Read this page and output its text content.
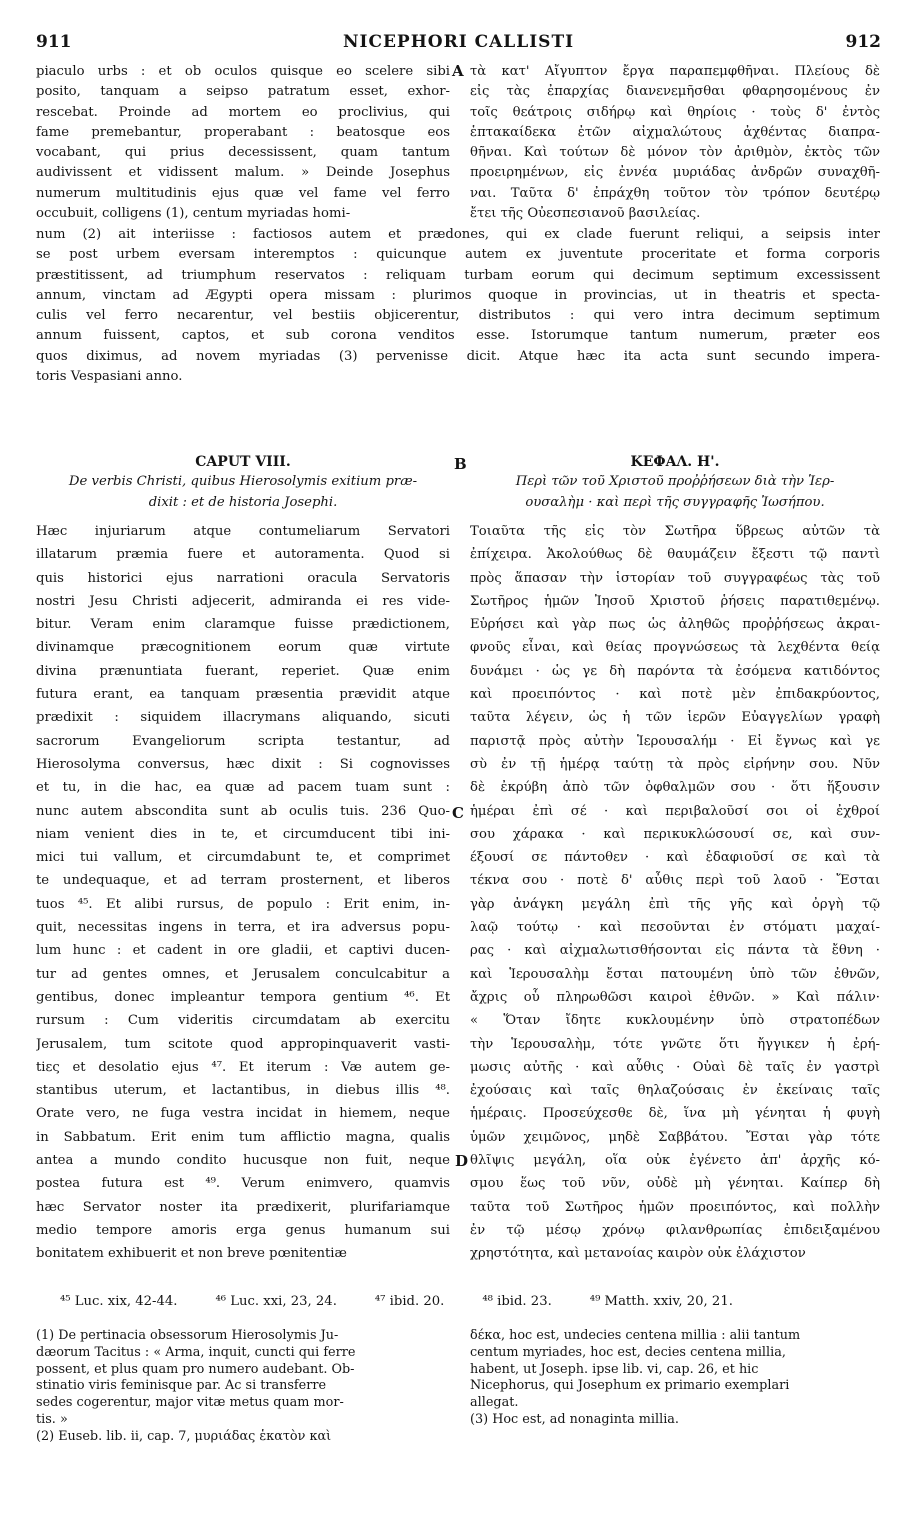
911	NICEPHORI CALLISTI	912
piaculo urbs : et ob oculos quisque eo scelere sibi
posito, tanquam a seipso patratum esset, exhor-
rescebat. Proinde ad mortem eo proclivius, qui
fame premebantur, properabant : beatosque eos
vocabant, qui prius decessissent, quam tantum
audivissent et vidissent malum. » Deinde Josephus
numerum multitudinis ejus quæ vel fame vel ferro
occubuit, colligens (1), centum myriadas homi-
A τὰ κατ' Αἴγυπτον ἔργα παραπεμφθῆναι. Πλείους δὲ
εἰς τὰς ἐπαρχίας διανενεμῆσθαι φθαρησομένους ἐν
τοῖς θεάτροις σιδήρῳ καὶ θηρίοις · τοὺς δ' ἐντὸς
ἑπτακαίδεκα ἐτῶν αἰχμαλώτους ἀχθέντας διαπρα-
θῆναι. Καὶ τούτων δὲ μόνον τὸν ἀριθμὸν, ἐκτὸς τῶν
προειρημένων, εἰς ἐννέα μυριάδας ἀνδρῶν συναχθῆ-
ναι. Ταῦτα δ' ἐπράχθη τοῦτον τὸν τρόπον δευτέρῳ
ἔτει τῆς Οὐεσπεσιανοῦ βασιλείας.
num (2) ait interiisse : factiosos autem et prædones, qui ex clade fuerunt reliqui, a seipsis inter
se post urbem eversam interemptos : quicunque autem ex juventute proceritate et forma corporis
præstitissent, ad triumphum reservatos : reliquam turbam eorum qui decimum septimum excessissent
annum, vinctam ad Ægypti opera missam : plurimos quoque in provincias, ut in theatris et specta-
culis vel ferro necarentur, vel bestiis objicerentur, distributos : qui vero intra decimum septimum
annum fuissent, captos, et sub corona venditos esse. Istorumque tantum numerum, præter eos
quos diximus, ad novem myriadas (3) pervenisse dicit. Atque hæc ita acta sunt secundo impera-
toris Vespasiani anno.
B
CAPUT VIII.
De verbis Christi, quibus Hierosolymis exitium præ-
dixit : et de historia Josephi.
ΚΕΦΑΛ. Η'.
Περὶ τῶν τοῦ Χριστοῦ προῤῥήσεων διὰ τὴν Ἱερ-
ουσαλὴμ · καὶ περὶ τῆς συγγραφῆς Ἰωσήπου.
Hæc injuriarum atque contumeliarum Servatori
illatarum præmia fuere et autoramenta. Quod si
quis historici ejus narrationi oracula Servatoris
nostri Jesu Christi adjecerit, admiranda ei res vide-
bitur. Veram enim claramque fuisse prædictionem,
divinamque præcognitionem eorum quæ virtute
divina prænuntiata fuerant, reperiet. Quæ enim
futura erant, ea tanquam præsentia prævidit atque
prædixit : siquidem illacrymans aliquando, sicuti
sacrorum Evangeliorum scripta testantur, ad
Hierosolyma conversus, hæc dixit : Si cognovisses
et tu, in die hac, ea quæ ad pacem tuam sunt :
nunc autem abscondita sunt ab oculis tuis. 236 Quo-
niam venient dies in te, et circumducent tibi ini-
mici tui vallum, et circumdabunt te, et comprimet
te undequaque, et ad terram prosternent, et liberos
tuos ⁴⁵. Et alibi rursus, de populo : Erit enim, in-
quit, necessitas ingens in terra, et ira adversus popu-
lum hunc : et cadent in ore gladii, et captivi ducen-
tur ad gentes omnes, et Jerusalem conculcabitur a
gentibus, donec impleantur tempora gentium ⁴⁶. Et
rursum : Cum videritis circumdatam ab exercitu
Jerusalem, tum scitote quod appropinquaverit vasti-
tiες et desolatio ejus ⁴⁷. Et iterum : Væ autem ge-
stantibus uterum, et lactantibus, in diebus illis ⁴⁸.
Orate vero, ne fuga vestra incidat in hiemem, neque
in Sabbatum. Erit enim tum afflictio magna, qualis
antea a mundo condito hucusque non fuit, neque
postea futura est ⁴⁹. Verum enimvero, quamvis
hæc Servator noster ita prædixerit, plurifariamque
medio tempore amoris erga genus humanum sui
bonitatem exhibuerit et non breve pœnitentiæ
C
D
Τοιαῦτα τῆς εἰς τὸν Σωτῆρα ὕβρεως αὐτῶν τὰ
ἐπίχειρα. Ἀκολούθως δὲ θαυμάζειν ἔξεστι τῷ παντὶ
πρὸς ἅπασαν τὴν ἱστορίαν τοῦ συγγραφέως τὰς τοῦ
Σωτῆρος ἡμῶν Ἰησοῦ Χριστοῦ ῥήσεις παρατιθεμένῳ.
Εὑρήσει καὶ γὰρ πως ὡς ἀληθῶς προῤῥήσεως ἀκραι-
φνοῦς εἶναι, καὶ θείας προγνώσεως τὰ λεχθέντα θείᾳ
δυνάμει · ὡς γε δὴ παρόντα τὰ ἐσόμενα κατιδόντος
καὶ προειπόντος · καὶ ποτὲ μὲν ἐπιδακρύοντος,
ταῦτα λέγειν, ὡς ἡ τῶν ἱερῶν Εὐαγγελίων γραφὴ
παριστᾷ πρὸς αὐτὴν Ἱερουσαλήμ · Εἰ ἔγνως καὶ γε
σὺ ἐν τῇ ἡμέρᾳ ταύτῃ τὰ πρὸς εἰρήνην σου. Νῦν
δὲ ἐκρύβη ἀπὸ τῶν ὀφθαλμῶν σου · ὅτι ἥξουσιν
ἡμέραι ἐπὶ σέ · καὶ περιβαλοῦσί σοι οἱ ἐχθροί
σου χάρακα · καὶ περικυκλώσουσί σε, καὶ συν-
έξουσί σε πάντοθεν · καὶ ἐδαφιοῦσί σε καὶ τὰ
τέκνα σου · ποτὲ δ' αὖθις περὶ τοῦ λαοῦ · Ἔσται
γὰρ ἀνάγκη μεγάλη ἐπὶ τῆς γῆς καὶ ὀργὴ τῷ
λαῷ τούτῳ · καὶ πεσοῦνται ἐν στόματι μαχαί-
ρας · καὶ αἰχμαλωτισθήσονται εἰς πάντα τὰ ἔθνη ·
καὶ Ἱερουσαλὴμ ἔσται πατουμένη ὑπὸ τῶν ἐθνῶν,
ἄχρις οὗ πληρωθῶσι καιροὶ ἐθνῶν. » Καὶ πάλιν·
« Ὅταν ἴδητε κυκλουμένην ὑπὸ στρατοπέδων
τὴν Ἱερουσαλὴμ, τότε γνῶτε ὅτι ἤγγικεν ἡ ἐρή-
μωσις αὐτῆς · καὶ αὖθις · Οὐαὶ δὲ ταῖς ἐν γαστρὶ
ἐχούσαις καὶ ταῖς θηλαζούσαις ἐν ἐκείναις ταῖς
ἡμέραις. Προσεύχεσθε δὲ, ἵνα μὴ γένηται ἡ φυγὴ
ὑμῶν χειμῶνος, μηδὲ Σαββάτου. Ἔσται γὰρ τότε
θλῖψις μεγάλη, οἵα οὐκ ἐγένετο ἀπ' ἀρχῆς κό-
σμου ἕως τοῦ νῦν, οὐδὲ μὴ γένηται. Καίπερ δὴ
ταῦτα τοῦ Σωτῆρος ἡμῶν προειπόντος, καὶ πολλὴν
ἐν τῷ μέσῳ χρόνῳ φιλανθρωπίας ἐπιδειξαμένου
χρηστότητα, καὶ μετανοίας καιρὸν οὐκ ἐλάχιστον
⁴⁵ Luc. xix, 42-44.	⁴⁶ Luc. xxi, 23, 24.	⁴⁷ ibid. 20.	⁴⁸ ibid. 23.	⁴⁹ Matth. xxiv, 20, 21.
(1) De pertinacia obsessorum Hierosolymis Ju-
dæorum Tacitus : « Arma, inquit, cuncti qui ferre
possent, et plus quam pro numero audebant. Ob-
stinatio viris feminisque par. Ac si transferre
sedes cogerentur, major vitæ metus quam mor-
tis. »
(2) Euseb. lib. ii, cap. 7, μυριάδας ἑκατὸν καὶ
δέκα, hoc est, undecies centena millia : alii tantum
centum myriades, hoc est, decies centena millia,
habent, ut Joseph. ipse lib. vi, cap. 26, et hic
Nicephorus, qui Josephum ex primario exemplari
allegat.
(3) Hoc est, ad nonaginta millia.
